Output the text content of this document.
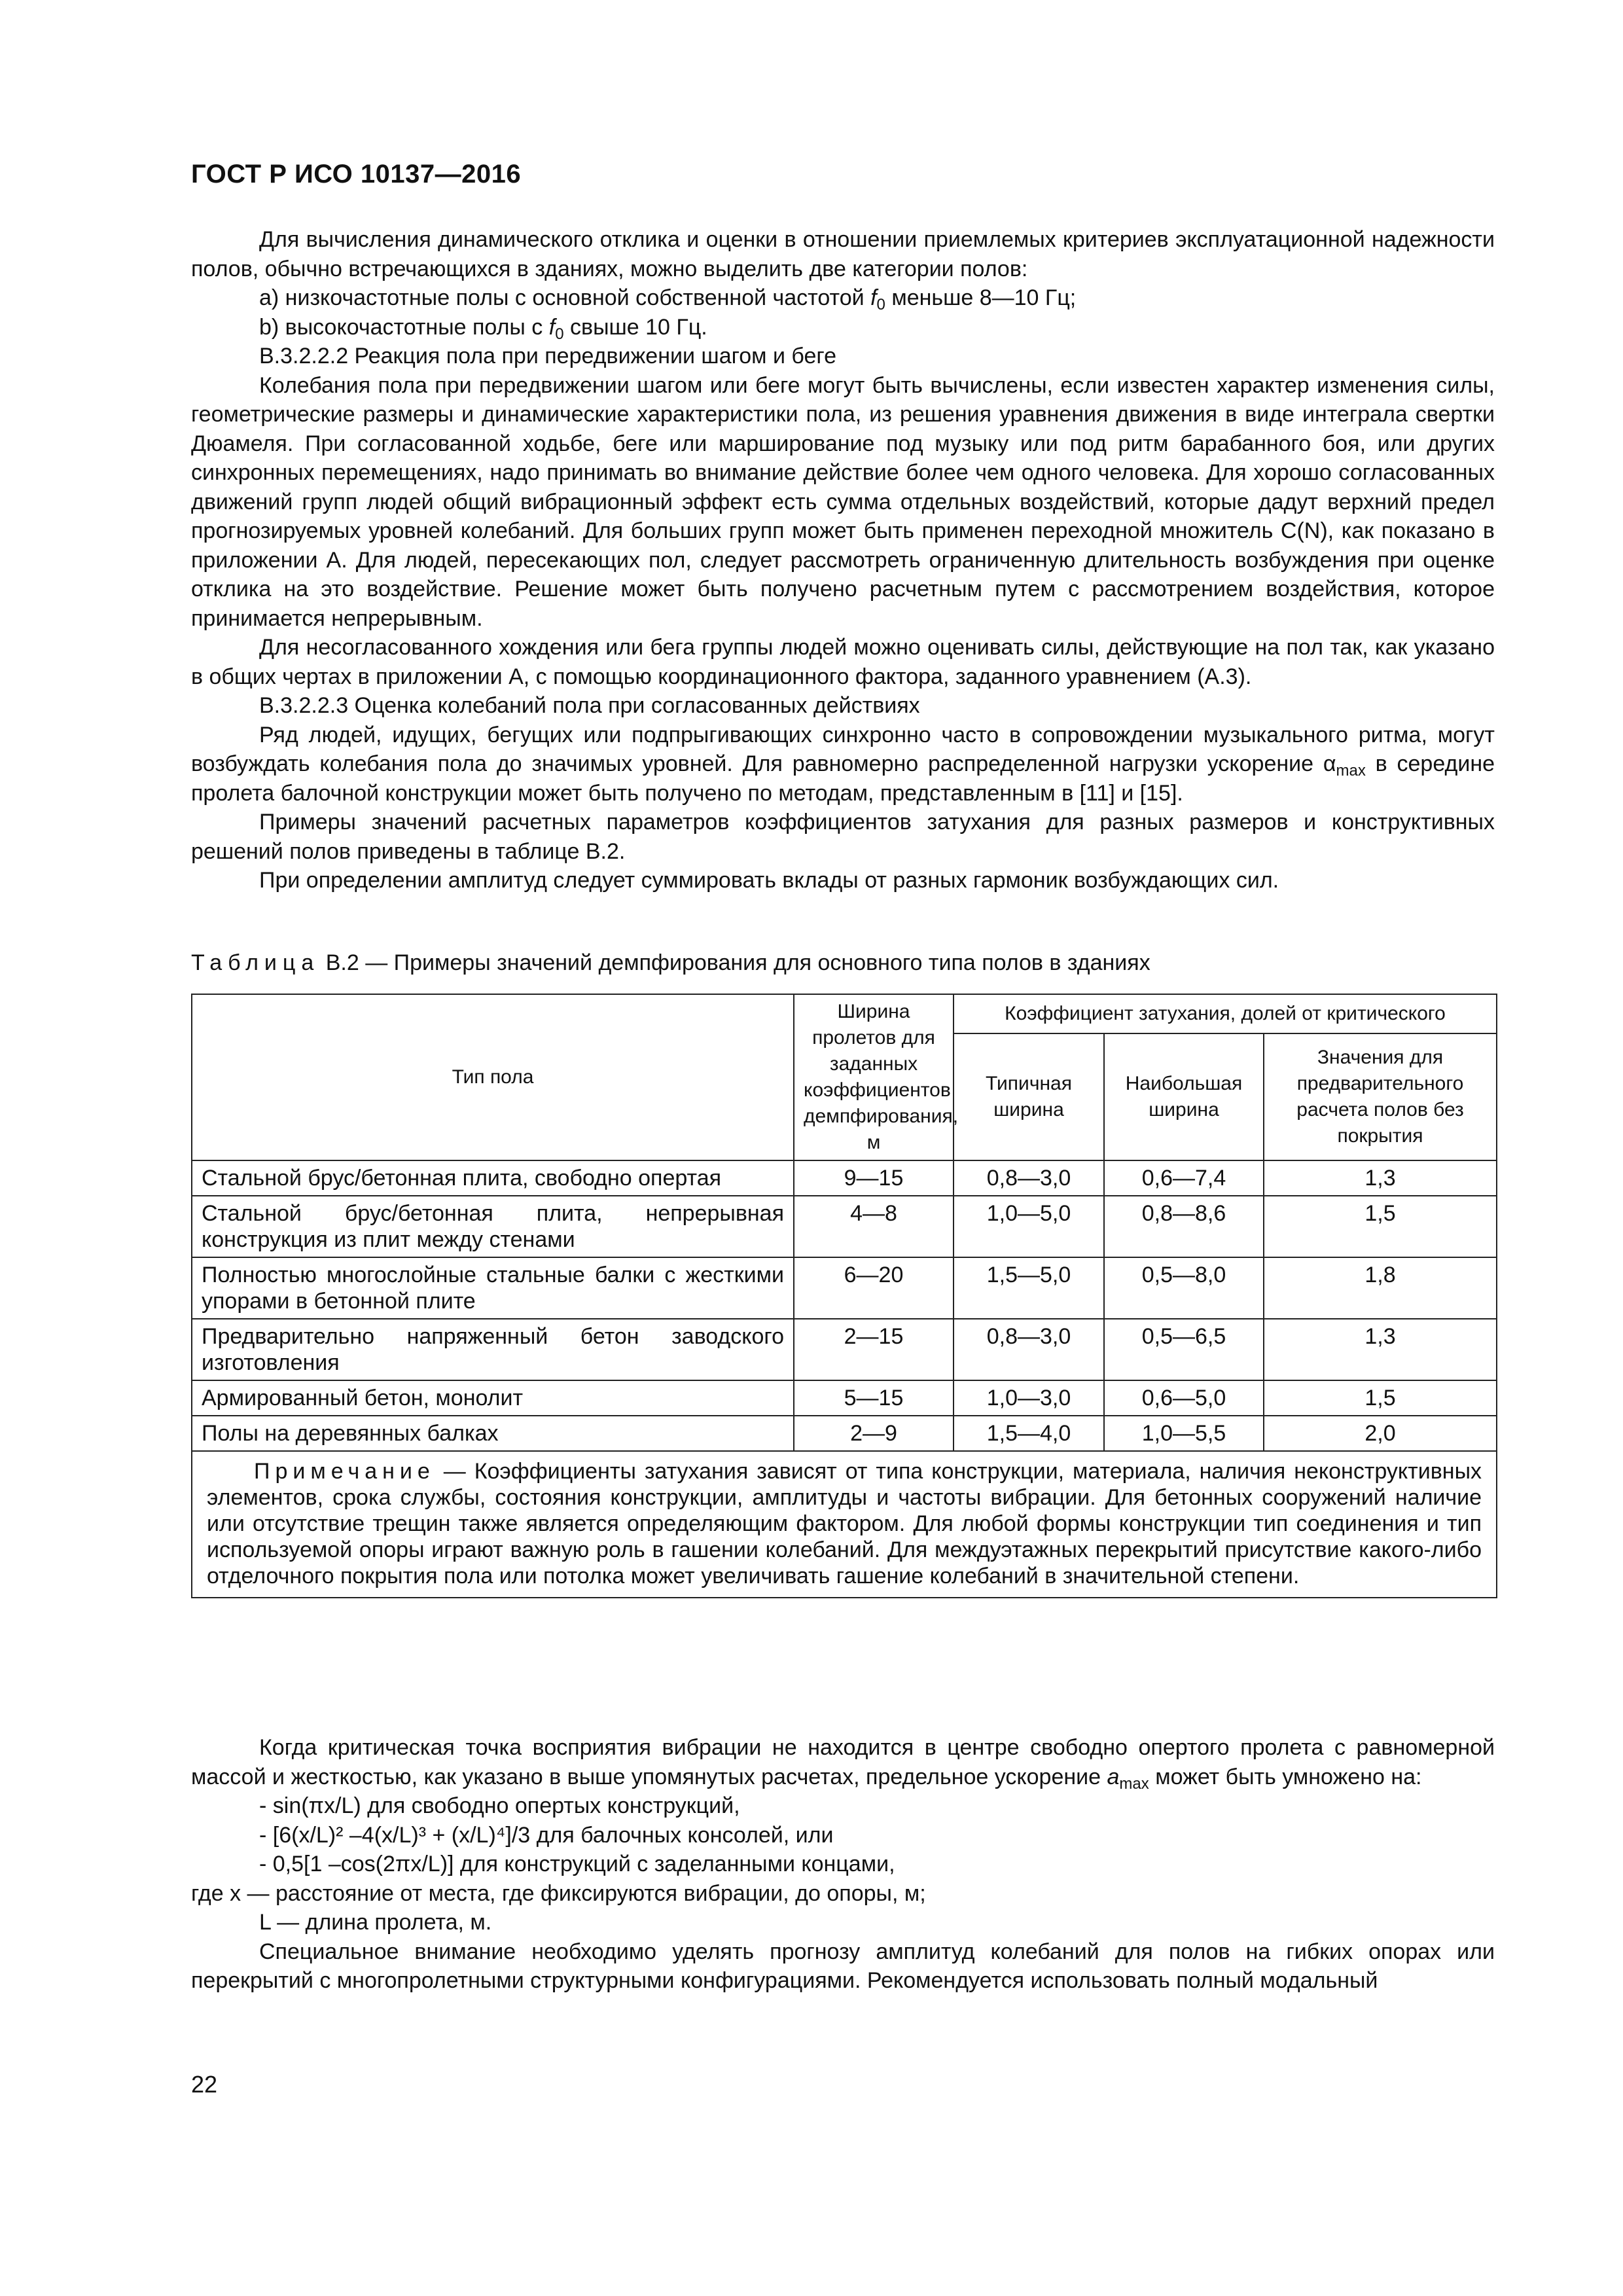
ГОСТ Р ИСО 10137—2016

Для вычисления динамического отклика и оценки в отношении приемлемых критериев эксплуатационной надежности полов, обычно встречающихся в зданиях, можно выделить две категории полов:

a) низкочастотные полы с основной собственной частотой $f_0$ меньше 8—10 Гц;

b) высокочастотные полы с $f_0$ свыше 10 Гц.

B.3.2.2.2 Реакция пола при передвижении шагом и беге

Колебания пола при передвижении шагом или беге могут быть вычислены, если известен характер изменения силы, геометрические размеры и динамические характеристики пола, из решения уравнения движения в виде интеграла свертки Дюамеля. При согласованной ходьбе, беге или марширование под музыку или под ритм барабанного боя, или других синхронных перемещениях, надо принимать во внимание действие более чем одного человека. Для хорошо согласованных движений групп людей общий вибрационный эффект есть сумма отдельных воздействий, которые дадут верхний предел прогнозируемых уровней колебаний. Для больших групп может быть применен переходной множитель C(N), как показано в приложении A. Для людей, пересекающих пол, следует рассмотреть ограниченную длительность возбуждения при оценке отклика на это воздействие. Решение может быть получено расчетным путем с рассмотрением воздействия, которое принимается непрерывным.

Для несогласованного хождения или бега группы людей можно оценивать силы, действующие на пол так, как указано в общих чертах в приложении A, с помощью координационного фактора, заданного уравнением (A.3).

B.3.2.2.3 Оценка колебаний пола при согласованных действиях

Ряд людей, идущих, бегущих или подпрыгивающих синхронно часто в сопровождении музыкального ритма, могут возбуждать колебания пола до значимых уровней. Для равномерно распределенной нагрузки ускорение $\alpha_{max}$ в середине пролета балочной конструкции может быть получено по методам, представленным в [11] и [15].

Примеры значений расчетных параметров коэффициентов затухания для разных размеров и конструктивных решений полов приведены в таблице B.2.

При определении амплитуд следует суммировать вклады от разных гармоник возбуждающих сил.

Таблица B.2 — Примеры значений демпфирования для основного типа полов в зданиях
Тип пола	Ширина пролетов для заданных коэффициентов демпфирования, м	Коэффициент затухания, долей от критического		
		Типичная ширина	Наибольшая ширина	Значения для предварительного расчета полов без покрытия
Стальной брус/бетонная плита, свободно опертая	9—15	0,8—3,0	0,6—7,4	1,3
Стальной брус/бетонная плита, непрерывная конструкция из плит между стенами	4—8	1,0—5,0	0,8—8,6	1,5
Полностью многослойные стальные балки с жесткими упорами в бетонной плите	6—20	1,5—5,0	0,5—8,0	1,8
Предварительно напряженный бетон заводского изготовления	2—15	0,8—3,0	0,5—6,5	1,3
Армированный бетон, монолит	5—15	1,0—3,0	0,6—5,0	1,5
Полы на деревянных балках	2—9	1,5—4,0	1,0—5,5	2,0
Примечание — Коэффициенты затухания зависят от типа конструкции, материала, наличия неконструктивных элементов, срока службы, состояния конструкции, амплитуды и частоты вибрации. Для бетонных сооружений наличие или отсутствие трещин также является определяющим фактором. Для любой формы конструкции тип соединения и тип используемой опоры играют важную роль в гашении колебаний. Для междуэтажных перекрытий присутствие какого-либо отделочного покрытия пола или потолка может увеличивать гашение колебаний в значительной степени.				

Когда критическая точка восприятия вибрации не находится в центре свободно опертого пролета с равномерной массой и жесткостью, как указано в выше упомянутых расчетах, предельное ускорение $a_{max}$ может быть умножено на:

- sin(πx/L) для свободно опертых конструкций,

- [6(x/L)² –4(x/L)³ + (x/L)⁴]/3 для балочных консолей, или

- 0,5[1 –cos(2πx/L)] для конструкций с заделанными концами,

где x — расстояние от места, где фиксируются вибрации, до опоры, м;

L — длина пролета, м.

Специальное внимание необходимо уделять прогнозу амплитуд колебаний для полов на гибких опорах или перекрытий с многопролетными структурными конфигурациями. Рекомендуется использовать полный модальный

22
